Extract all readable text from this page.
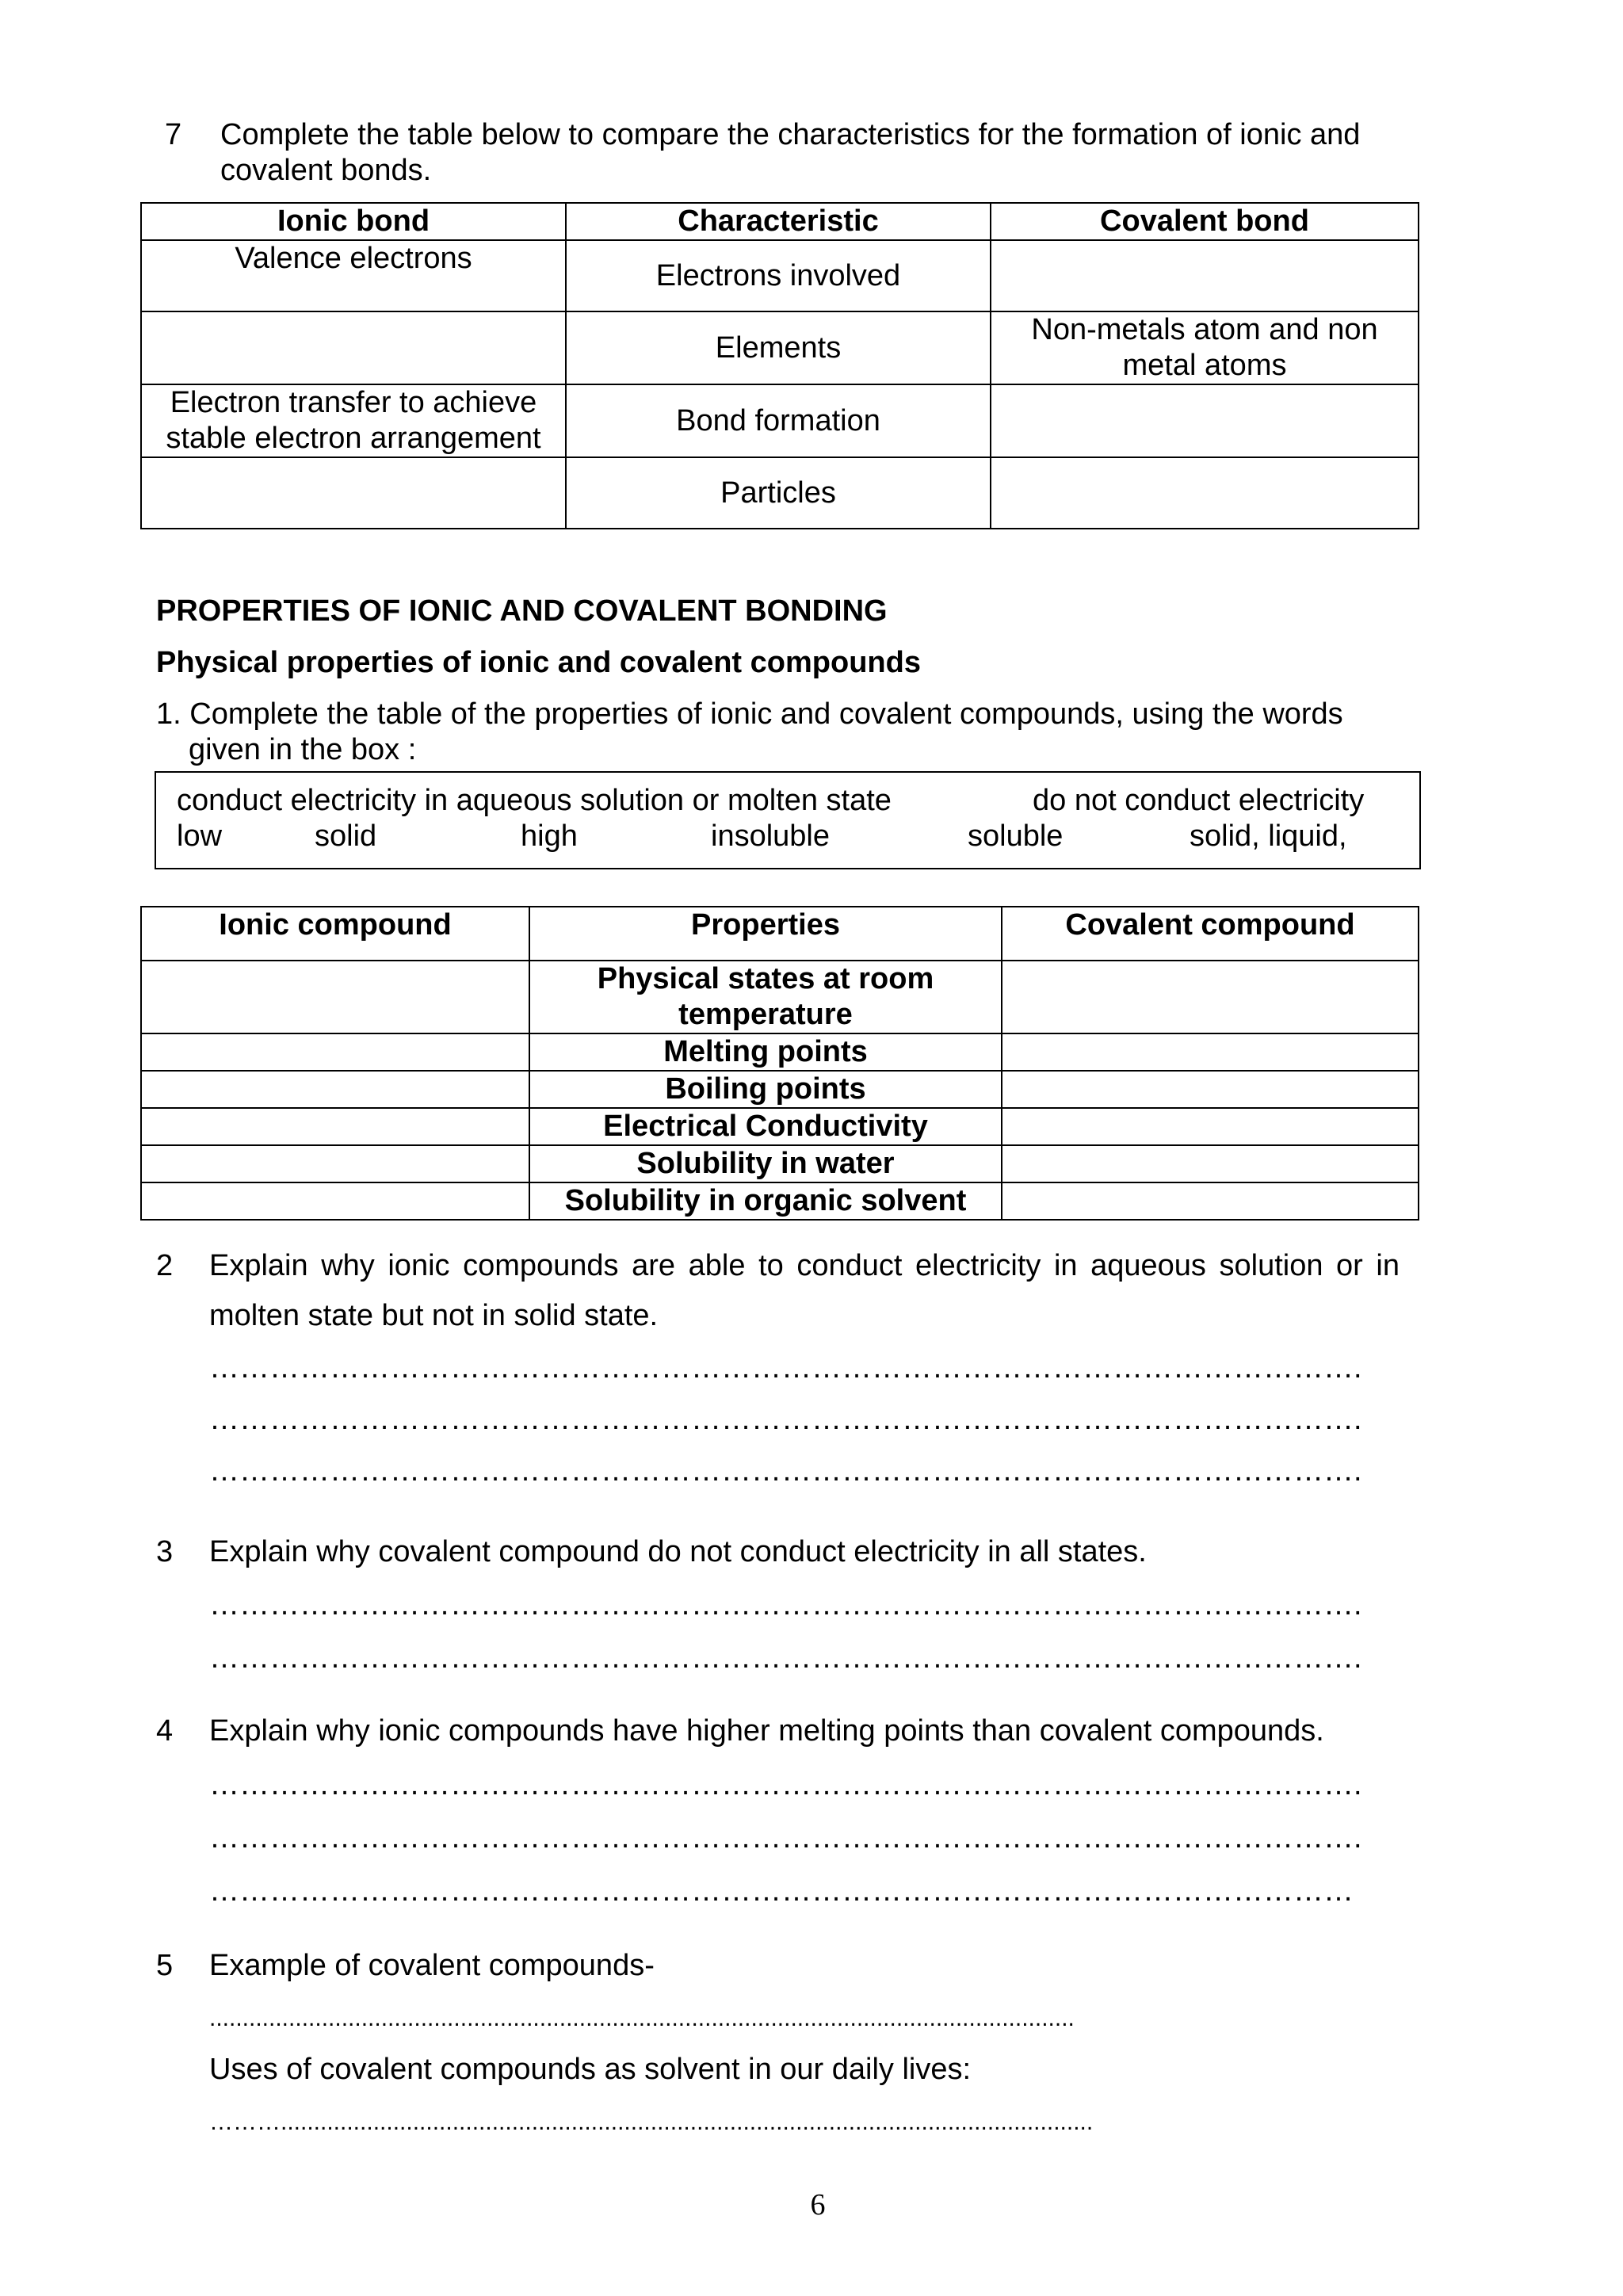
7 Complete the table below to compare the characteristics for the formation of ionic and
covalent bonds.
Ionic bond	Characteristic	Covalent bond
Valence electrons	Electrons involved	
	Elements	Non-metals atom and non
metal atoms

Electron transfer to achieve
stable electron arrangement	Bond formation	
	Particles	
PROPERTIES OF IONIC AND COVALENT BONDING
Physical properties of ionic and covalent compounds
1. Complete the table of the properties of ionic and covalent compounds, using the words
given in the box :
conduct electricity in aqueous solution or molten state	do not conduct electricity
low	solid	high	insoluble	soluble	solid, liquid,
Ionic compound	Properties	Covalent compound

	Physical states at room
temperature	

	Melting points	
	Boiling points	
	Electrical Conductivity	
	Solubility in water	
	Solubility in organic solvent	
2 Explain why ionic compounds are able to conduct electricity in aqueous solution or in
molten state but not in solid state.
…………………………………………………………………………………………………….
…………………………………………………………………………………………………….
…………………………………………………………………………………………………….
3 Explain why covalent compound do not conduct electricity in all states.
…………………………………………………………………………………………………….
…………………………………………………………………………………………………….
4 Explain why ionic compounds have higher melting points than covalent compounds.
…………………………………………………………………………………………………….
…………………………………………………………………………………………………….
……………………………………………………………………………………………………
5 Example of covalent compounds-
...................................................................................................................................
Uses of covalent compounds as solvent in our daily lives:
………...........................................................................................................................
6
